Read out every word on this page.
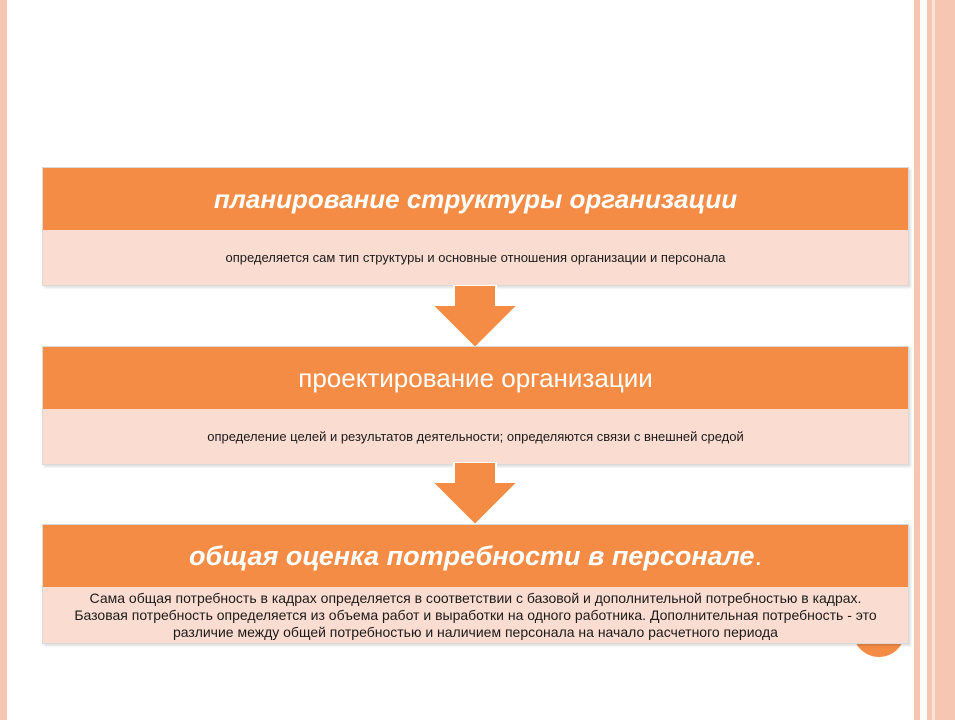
планирование структуры организации
определяется сам тип структуры и основные отношения организации и персонала
проектирование организации
определение целей и результатов деятельности; определяются связи с внешней средой
общая оценка потребности в персонале .
Сама общая потребность в кадрах определяется в соответствии с базовой и дополнительной потребностью в кадрах. Базовая потребность определяется из объема работ и выработки на одного работника. Дополнительная потребность - это различие между общей потребностью и наличием персонала на начало расчетного периода
